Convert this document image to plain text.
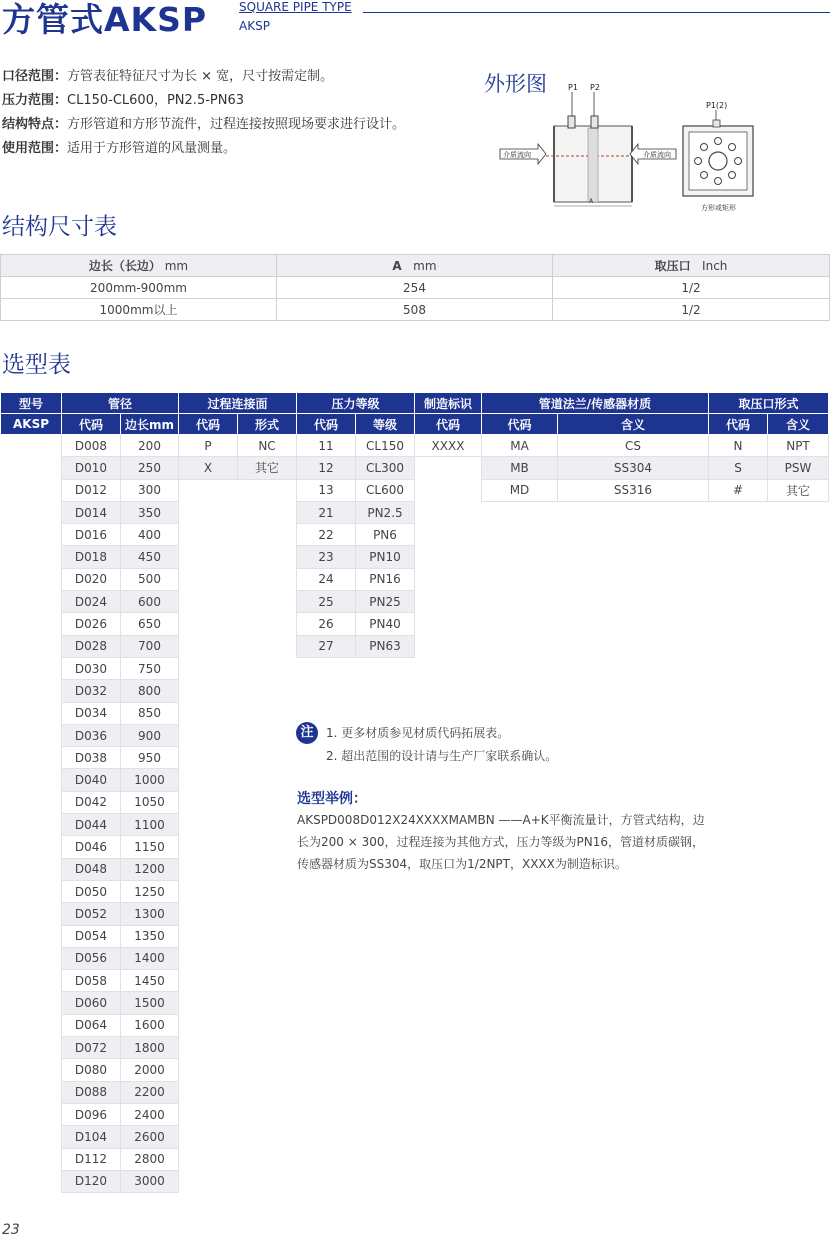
方管式AKSP	SQUARE PIPE TYPE
AKSP
口径范围：方管表征特征尺寸为长 × 宽，尺寸按需定制。
压力范围：CL150-CL600，PN2.5-PN63
结构特点：方形管道和方形节流件，过程连接按照现场要求进行设计。
使用范围：适用于方形管道的风量测量。
外形图	P1 P2
介质流向	介质流向
A
P1(2)
方形或矩形
结构尺寸表
边长（长边） mm	A mm	取压口 Inch
200mm-900mm	254	1/2
1000mm以上	508	1/2
选型表
型号	管径		过程连接面		压力等级		制造标识	管道法兰/传感器材质		取压口形式	
AKSP	代码	边长mm	代码	形式	代码	等级	代码	代码	含义	代码	含义
	D008	200	P	NC	11	CL150	XXXX	MA	CS	N	NPT
	D010	250	X	其它	12	CL300		MB	SS304	S	PSW
	D012	300			13	CL600		MD	SS316	#	其它
	D014	350			21	PN2.5					
	D016	400			22	PN6					
	D018	450			23	PN10					
	D020	500			24	PN16					
	D024	600			25	PN25					
	D026	650			26	PN40					
	D028	700			27	PN63					
	D030	750									
	D032	800									
	D034	850									
	D036	900									
	D038	950									
	D040	1000									
	D042	1050									
	D044	1100									
	D046	1150									
	D048	1200									
	D050	1250									
	D052	1300									
	D054	1350									
	D056	1400									
	D058	1450									
	D060	1500									
	D064	1600									
	D072	1800									
	D080	2000									
	D088	2200									
	D096	2400									
	D104	2600									
	D112	2800									
	D120	3000									
注	1. 更多材质参见材质代码拓展表。
2. 超出范围的设计请与生产厂家联系确认。
选型举例：
AKSPD008D012X24XXXXMAMBN ——A+K平衡流量计，方管式结构，边长为200 × 300，过程连接为其他方式，压力等级为PN16，管道材质碳钢，传感器材质为SS304，取压口为1/2NPT，XXXX为制造标识。
23
